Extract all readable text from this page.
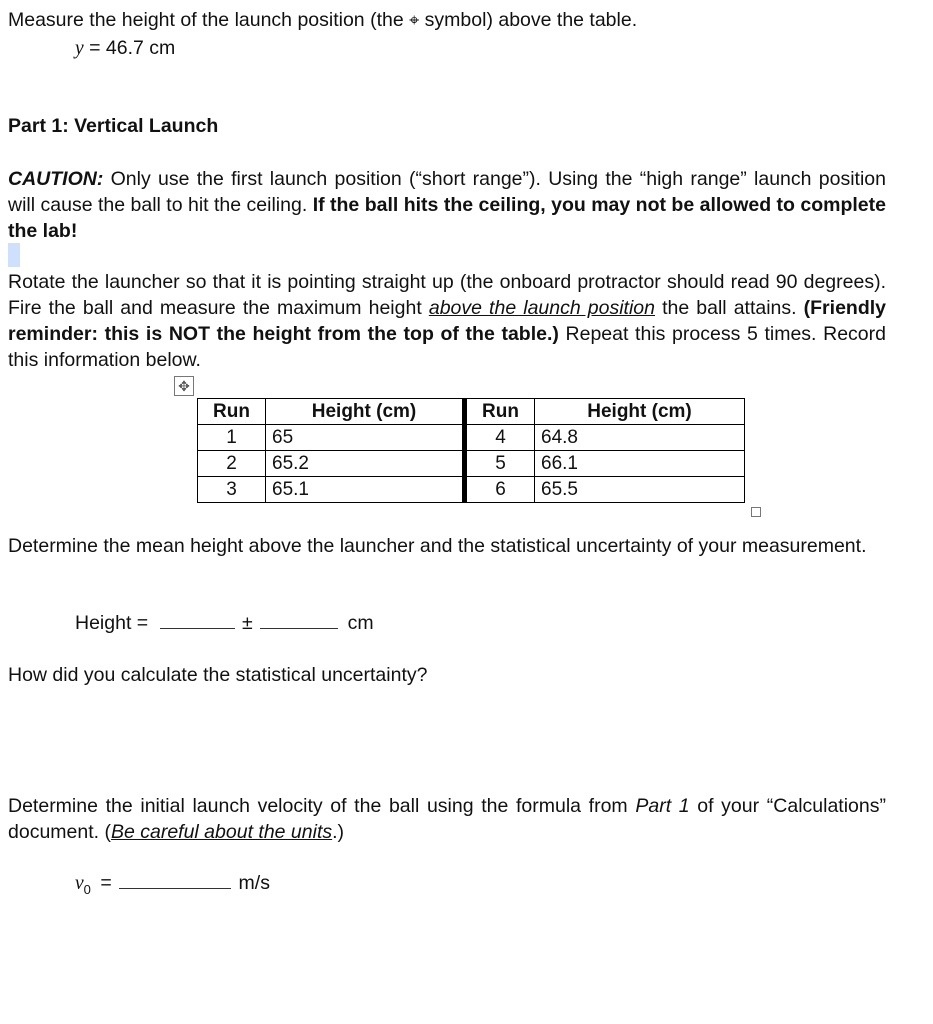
Measure the height of the launch position (the ⌖ symbol) above the table.
y = 46.7 cm
Part 1: Vertical Launch
CAUTION: Only use the first launch position (“short range”). Using the “high range” launch position will cause the ball to hit the ceiling. If the ball hits the ceiling, you may not be allowed to complete the lab!
Rotate the launcher so that it is pointing straight up (the onboard protractor should read 90 degrees). Fire the ball and measure the maximum height above the launch position the ball attains. (Friendly reminder: this is NOT the height from the top of the table.) Repeat this process 5 times. Record this information below.
✥
Run	Height (cm)	Run	Height (cm)
1	65	4	64.8
2	65.2	5	66.1
3	65.1	6	65.5
Determine the mean height above the launcher and the statistical uncertainty of your measurement.
Height =	±	cm
How did you calculate the statistical uncertainty?
Determine the initial launch velocity of the ball using the formula from Part 1 of your “Calculations” document. (Be careful about the units.)
$v_0$ =	m/s
